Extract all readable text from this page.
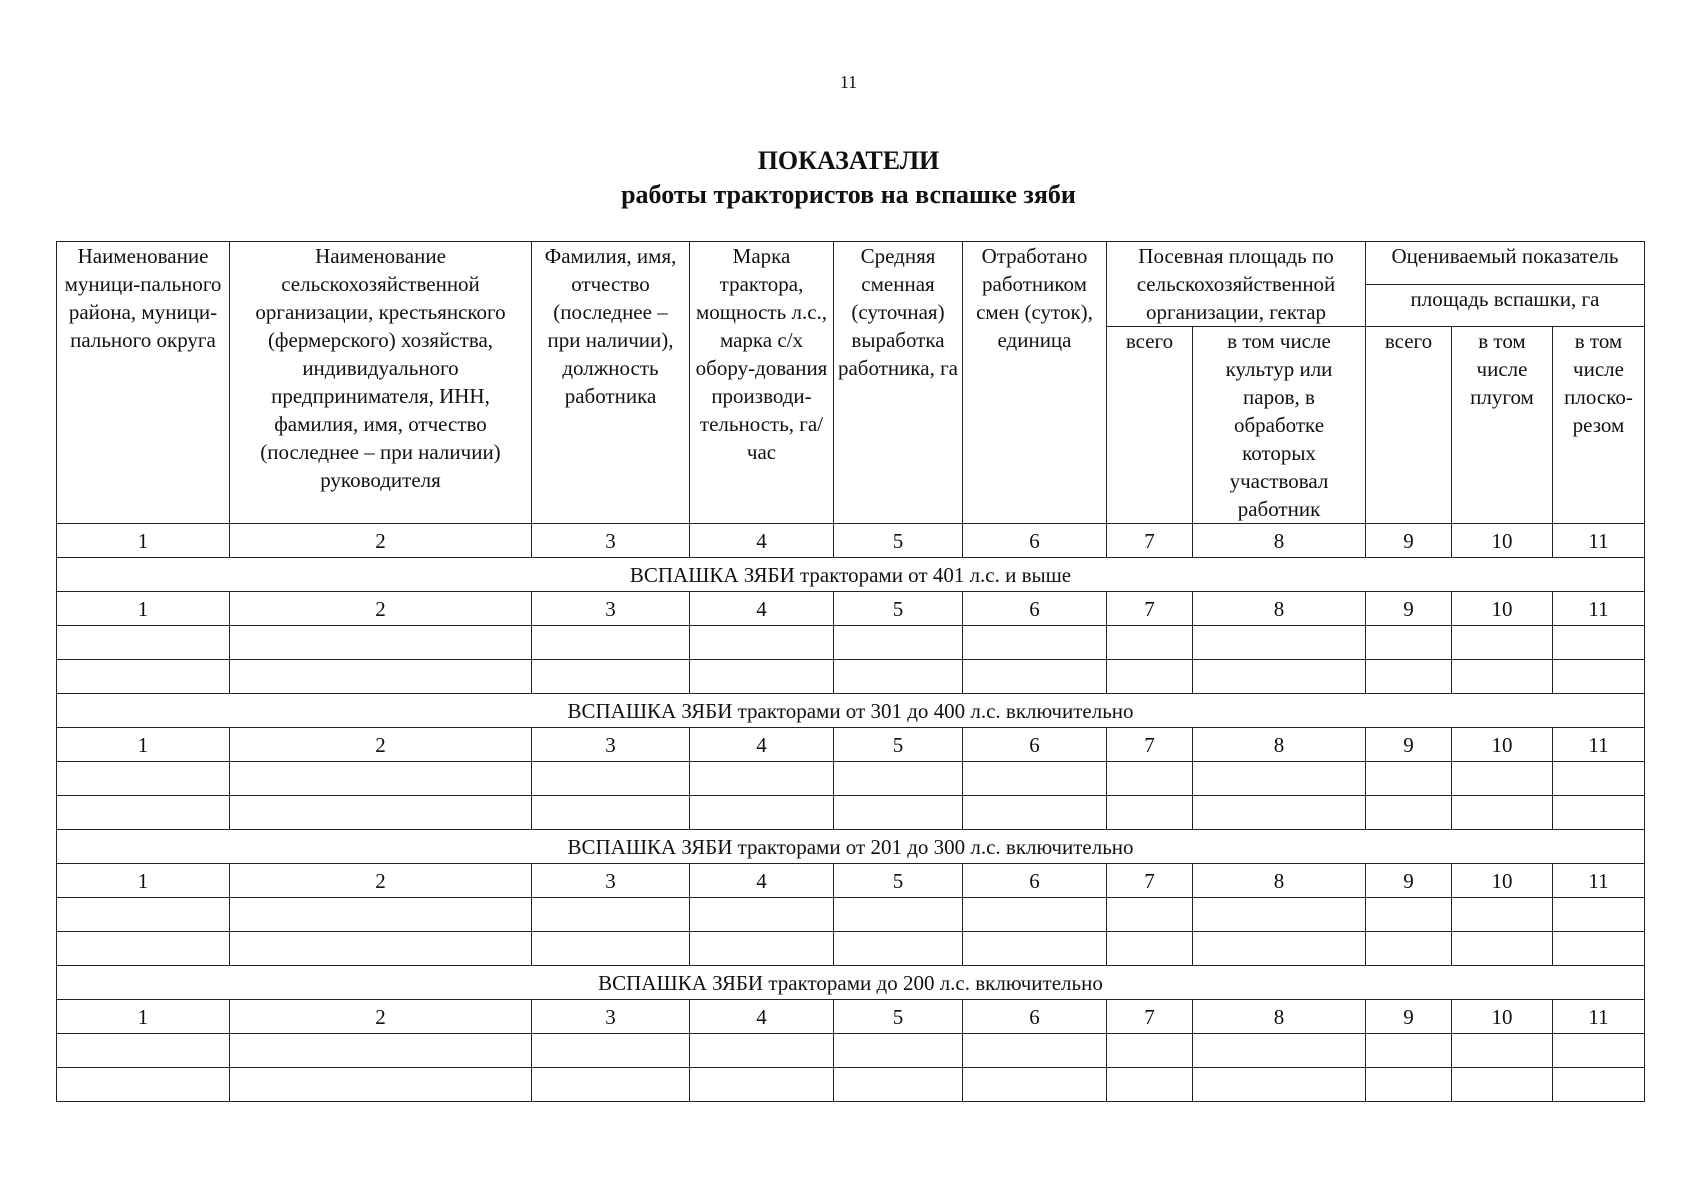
11
ПОКАЗАТЕЛИ
работы трактористов на вспашке зяби
Наименование муници-пального района, муници-пального округа	Наименование сельскохозяйственной организации, крестьянского (фермерского) хозяйства, индивидуального предпринимателя, ИНН, фамилия, имя, отчество (последнее – при наличии) руководителя	Фамилия, имя, отчество (последнее – при наличии), должность работника	Марка трактора, мощность л.с., марка с/х обору-дования производи-тельность, га/час	Средняя сменная (суточная) выработка работника, га	Отработано работником смен (суток), единица	Посевная площадь по сельскохозяйственной организации, гектар		Оцениваемый показатель		
								площадь вспашки, га		
						всего	в том числе культур или паров, в обработке которых участвовал работник	всего	в том числе плугом	в том числе плоско-резом
1	2	3	4	5	6	7	8	9	10	11
ВСПАШКА ЗЯБИ тракторами от 401 л.с. и выше										
1	2	3	4	5	6	7	8	9	10	11

ВСПАШКА ЗЯБИ тракторами от 301 до 400 л.с. включительно										
1	2	3	4	5	6	7	8	9	10	11

ВСПАШКА ЗЯБИ тракторами от 201 до 300 л.с. включительно										
1	2	3	4	5	6	7	8	9	10	11

ВСПАШКА ЗЯБИ тракторами до 200 л.с. включительно										
1	2	3	4	5	6	7	8	9	10	11
